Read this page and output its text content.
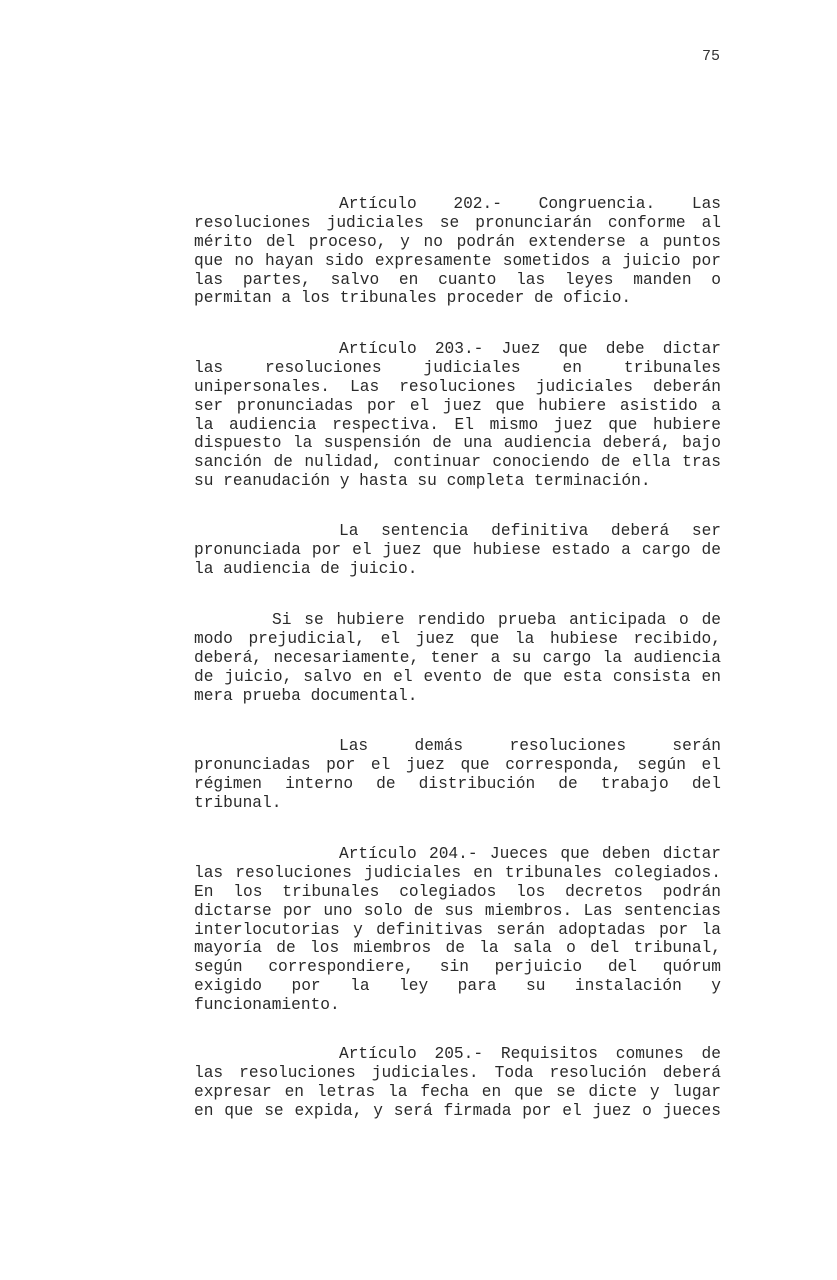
75
Artículo 202.- Congruencia. Las
resoluciones judiciales se pronunciarán conforme al
mérito del proceso, y no podrán extenderse a puntos
que no hayan sido expresamente sometidos a juicio por
las partes, salvo en cuanto las leyes manden o
permitan a los tribunales proceder de oficio.
Artículo 203.- Juez que debe dictar
las resoluciones judiciales en tribunales
unipersonales. Las resoluciones judiciales deberán
ser pronunciadas por el juez que hubiere asistido a
la audiencia respectiva. El mismo juez que hubiere
dispuesto la suspensión de una audiencia deberá, bajo
sanción de nulidad, continuar conociendo de ella tras
su reanudación y hasta su completa terminación.
La sentencia definitiva deberá ser
pronunciada por el juez que hubiese estado a cargo de
la audiencia de juicio.
Si se hubiere rendido prueba anticipada o de
modo prejudicial, el juez que la hubiese recibido,
deberá, necesariamente, tener a su cargo la audiencia
de juicio, salvo en el evento de que esta consista en
mera prueba documental.
Las demás resoluciones serán
pronunciadas por el juez que corresponda, según el
régimen interno de distribución de trabajo del
tribunal.
Artículo 204.- Jueces que deben dictar
las resoluciones judiciales en tribunales colegiados.
En los tribunales colegiados los decretos podrán
dictarse por uno solo de sus miembros. Las sentencias
interlocutorias y definitivas serán adoptadas por la
mayoría de los miembros de la sala o del tribunal,
según correspondiere, sin perjuicio del quórum
exigido por la ley para su instalación y
funcionamiento.
Artículo 205.- Requisitos comunes de
las resoluciones judiciales. Toda resolución deberá
expresar en letras la fecha en que se dicte y lugar
en que se expida, y será firmada por el juez o jueces
